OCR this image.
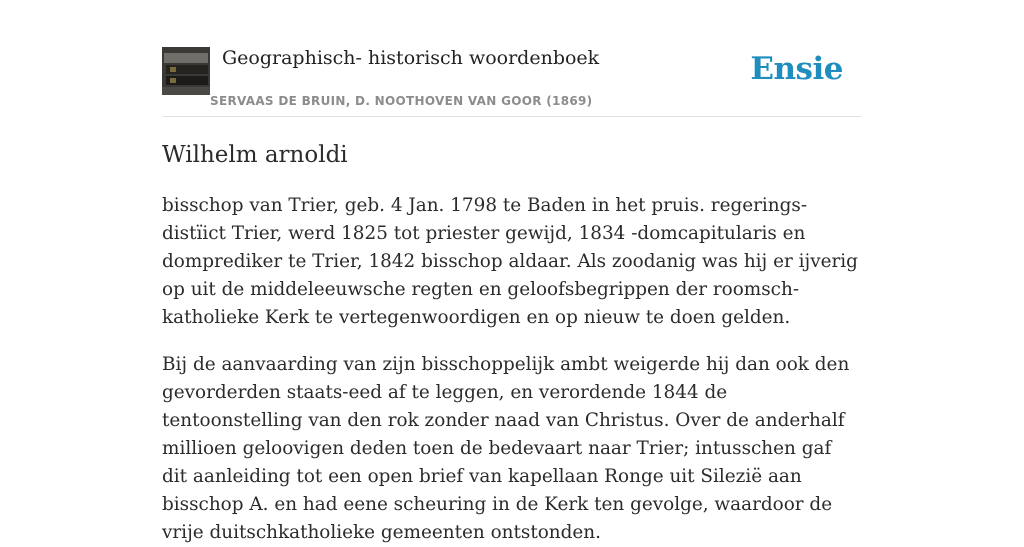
Geographisch- historisch woordenboek
SERVAAS DE BRUIN, D. NOOTHOVEN VAN GOOR (1869)
Ensie
Wilhelm arnoldi

bisschop van Trier, geb. 4 Jan. 1798 te Baden in het pruis. regerings-distïict Trier, werd 1825 tot priester gewijd, 1834 -domcapitularis en domprediker te Trier, 1842 bisschop aldaar. Als zoodanig was hij er ijverig op uit de middeleeuwsche regten en geloofsbegrippen der roomsch-katholieke Kerk te vertegenwoordigen en op nieuw te doen gelden.

Bij de aanvaarding van zijn bisschoppelijk ambt weigerde hij dan ook den gevorderden staats-eed af te leggen, en verordende 1844 de tentoonstelling van den rok zonder naad van Christus. Over de anderhalf millioen geloovigen deden toen de bedevaart naar Trier; intusschen gaf dit aanleiding tot een open brief van kapellaan Ronge uit Silezië aan bisschop A. en had eene scheuring in de Kerk ten gevolge, waardoor de vrije duitschkatholieke gemeenten ontstonden.
